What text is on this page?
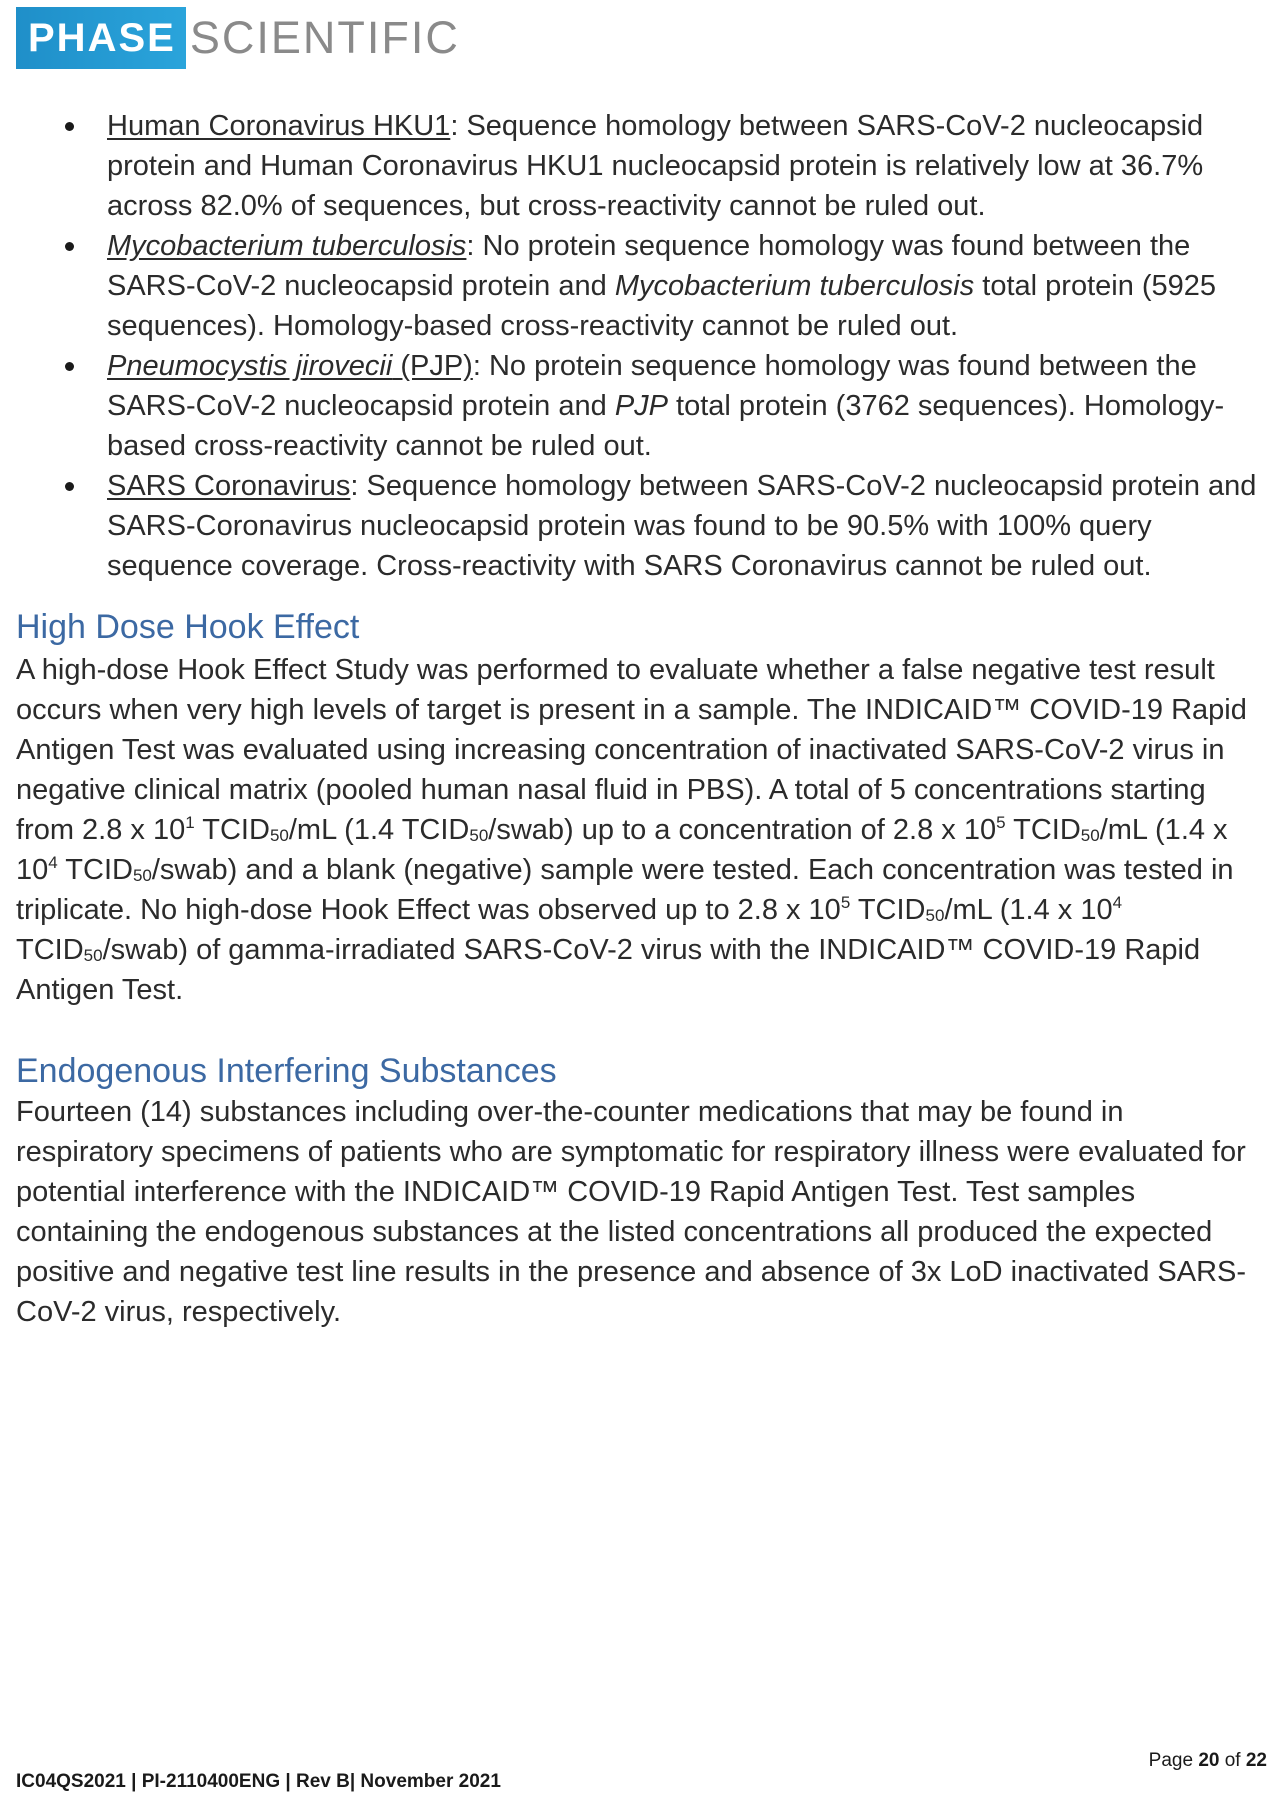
PHASE SCIENTIFIC
Human Coronavirus HKU1: Sequence homology between SARS-CoV-2 nucleocapsid protein and Human Coronavirus HKU1 nucleocapsid protein is relatively low at 36.7% across 82.0% of sequences, but cross-reactivity cannot be ruled out.
Mycobacterium tuberculosis: No protein sequence homology was found between the SARS-CoV-2 nucleocapsid protein and Mycobacterium tuberculosis total protein (5925 sequences). Homology-based cross-reactivity cannot be ruled out.
Pneumocystis jirovecii (PJP): No protein sequence homology was found between the SARS-CoV-2 nucleocapsid protein and PJP total protein (3762 sequences). Homology-based cross-reactivity cannot be ruled out.
SARS Coronavirus: Sequence homology between SARS-CoV-2 nucleocapsid protein and SARS-Coronavirus nucleocapsid protein was found to be 90.5% with 100% query sequence coverage. Cross-reactivity with SARS Coronavirus cannot be ruled out.
High Dose Hook Effect

A high-dose Hook Effect Study was performed to evaluate whether a false negative test result occurs when very high levels of target is present in a sample. The INDICAID™ COVID-19 Rapid Antigen Test was evaluated using increasing concentration of inactivated SARS-CoV-2 virus in negative clinical matrix (pooled human nasal fluid in PBS). A total of 5 concentrations starting from 2.8 x $10^1$ $TCID_{50}/mL$ (1.4 $TCID_{50}/swab$) up to a concentration of 2.8 x $10^5$ $TCID_{50}/mL$ (1.4 x $10^4$ $TCID_{50}/swab$) and a blank (negative) sample were tested. Each concentration was tested in triplicate. No high-dose Hook Effect was observed up to 2.8 x $10^5$ $TCID_{50}/mL$ (1.4 x $10^4$ $TCID_{50}/swab$) of gamma-irradiated SARS-CoV-2 virus with the INDICAID™ COVID-19 Rapid Antigen Test.

Endogenous Interfering Substances

Fourteen (14) substances including over-the-counter medications that may be found in respiratory specimens of patients who are symptomatic for respiratory illness were evaluated for potential interference with the INDICAID™ COVID-19 Rapid Antigen Test. Test samples containing the endogenous substances at the listed concentrations all produced the expected positive and negative test line results in the presence and absence of 3x LoD inactivated SARS-CoV-2 virus, respectively.

Page 20 of 22
IC04QS2021 | PI-2110400ENG | Rev B| November 2021
